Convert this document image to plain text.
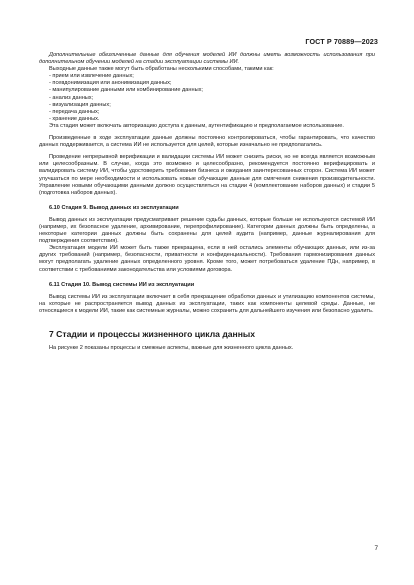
ГОСТ Р 70889—2023

Дополнительные обезличенные данные для обучения моделей ИИ должны иметь возможность использования при дополнительном обучении моделей на стадии эксплуатации системы ИИ.

Выходные данные также могут быть обработаны несколькими способами, такими как:

- прием или извлечение данных;
- псевдонимизация или анонимизация данных;
- манипулирование данными или комбинирование данных;
- анализ данных;
- визуализация данных;
- передача данных;
- хранение данных.

Эта стадия может включать авторизацию доступа к данным, аутентификацию и предполагаемое использование.

Произведенные в ходе эксплуатации данные должны постоянно контролироваться, чтобы гарантировать, что качество данных поддерживается, а система ИИ не используется для целей, которые изначально не предполагались.

Проведение непрерывной верификации и валидации системы ИИ может снизить риски, но не всегда является возможным или целесообразным. В случае, когда это возможно и целесообразно, рекомендуется постоянно верифицировать и валидировать систему ИИ, чтобы удостоверить требования бизнеса и ожидания заинтересованных сторон. Система ИИ может улучшаться по мере необходимости и использовать новые обучающие данные для смягчения снижения производительности. Управление новыми обучающими данными должно осуществляться на стадии 4 (комплектование наборов данных) и стадии 5 (подготовка наборов данных).

6.10 Стадия 9. Вывод данных из эксплуатации

Вывод данных из эксплуатации предусматривает решение судьбы данных, которые больше не используются системой ИИ (например, их безопасное удаление, архивирование, перепрофилирование). Категории данных должны быть определены, а некоторые категории данных должны быть сохранены для целей аудита (например, данные журналирования для подтверждения соответствия).

Эксплуатация модели ИИ может быть также прекращена, если в ней остались элементы обучающих данных, или из-за других требований (например, безопасности, приватности и конфиденциальности). Требования гармонизирования данных могут предполагать удаление данных определенного уровня. Кроме того, может потребоваться удаление ПДн, например, в соответствии с требованиями законодательства или условиями договора.

6.11 Стадия 10. Вывод системы ИИ из эксплуатации

Вывод системы ИИ из эксплуатации включает в себя прекращение обработки данных и утилизацию компонентов системы, на которые не распространяется вывод данных из эксплуатации, таких как компоненты целевой среды. Данные, не относящиеся к модели ИИ, такие как системные журналы, можно сохранить для дальнейшего изучения или безопасно удалить.

7 Стадии и процессы жизненного цикла данных

На рисунке 2 показаны процессы и смежные аспекты, важные для жизненного цикла данных.

7
